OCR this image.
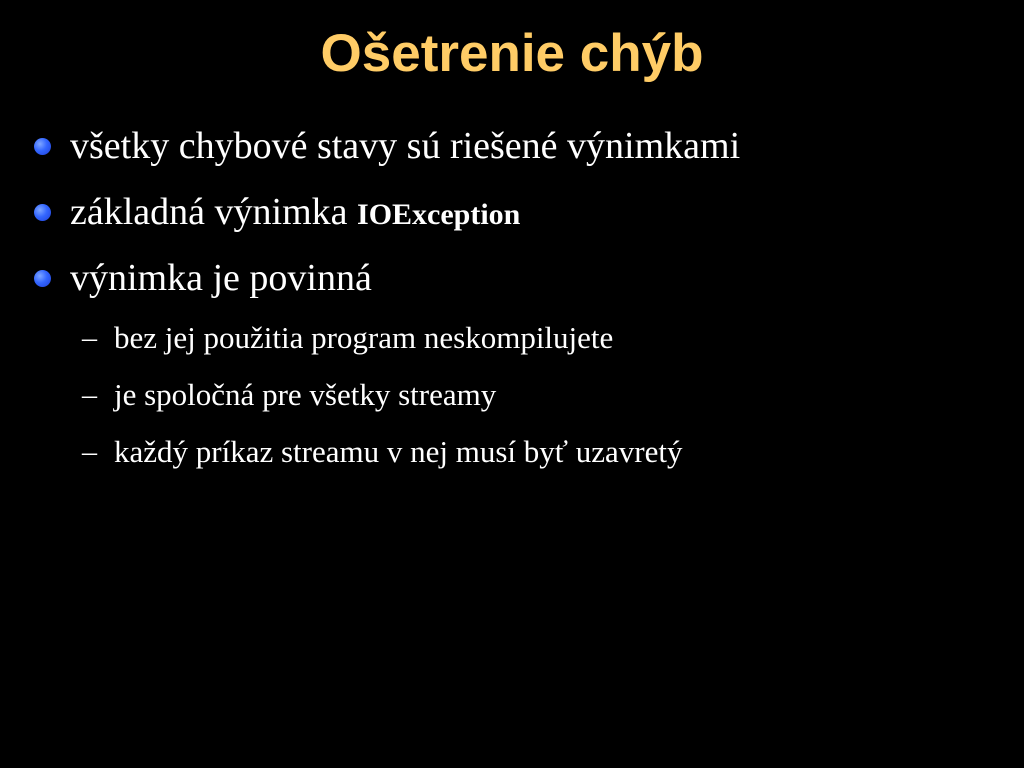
Ošetrenie chýb
všetky chybové stavy sú riešené výnimkami
základná výnimka IOException
výnimka je povinná
– bez jej použitia program neskompilujete
– je spoločná pre všetky streamy
– každý príkaz streamu v nej musí byť uzavretý
